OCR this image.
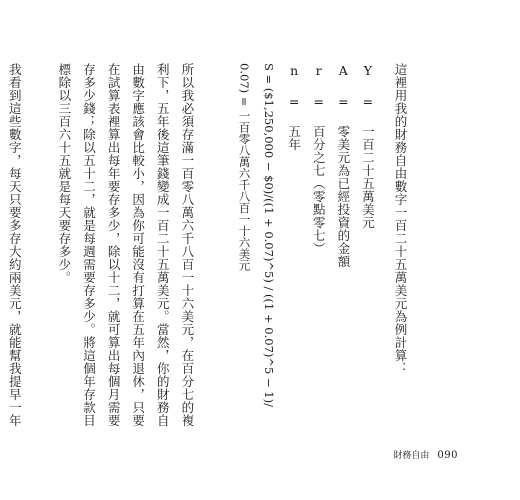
這裡用我的財務自由數字一百二十五萬美元為例計算：

Y = 一百二十五萬美元

A = 零美元為已經投資的金額

r = 百分之七（零點零七）

n = 五年

S = ($1,250,000 − $0)/((1 + 0.07)^5) / ((1 + 0.07)^5 − 1)/ 0.07) = 一百零八萬六千八百一十六美元

所以我必須存滿一百零八萬六千八百一十六美元，在百分七的複利下，五年後這筆錢變成一百二十五萬美元。當然，你的財務自由數字應該會比較小，因為你可能沒有打算在五年內退休，只要在試算表裡算出每年要存多少，除以十二，就可算出每個月需要存多少錢；除以五十二，就是每週需要存多少。將這個年存款目標除以三百六十五就是每天要存多少。

我看到這些數字，每天只要多存大約兩美元，就能幫我提早一年

財務自由 090
